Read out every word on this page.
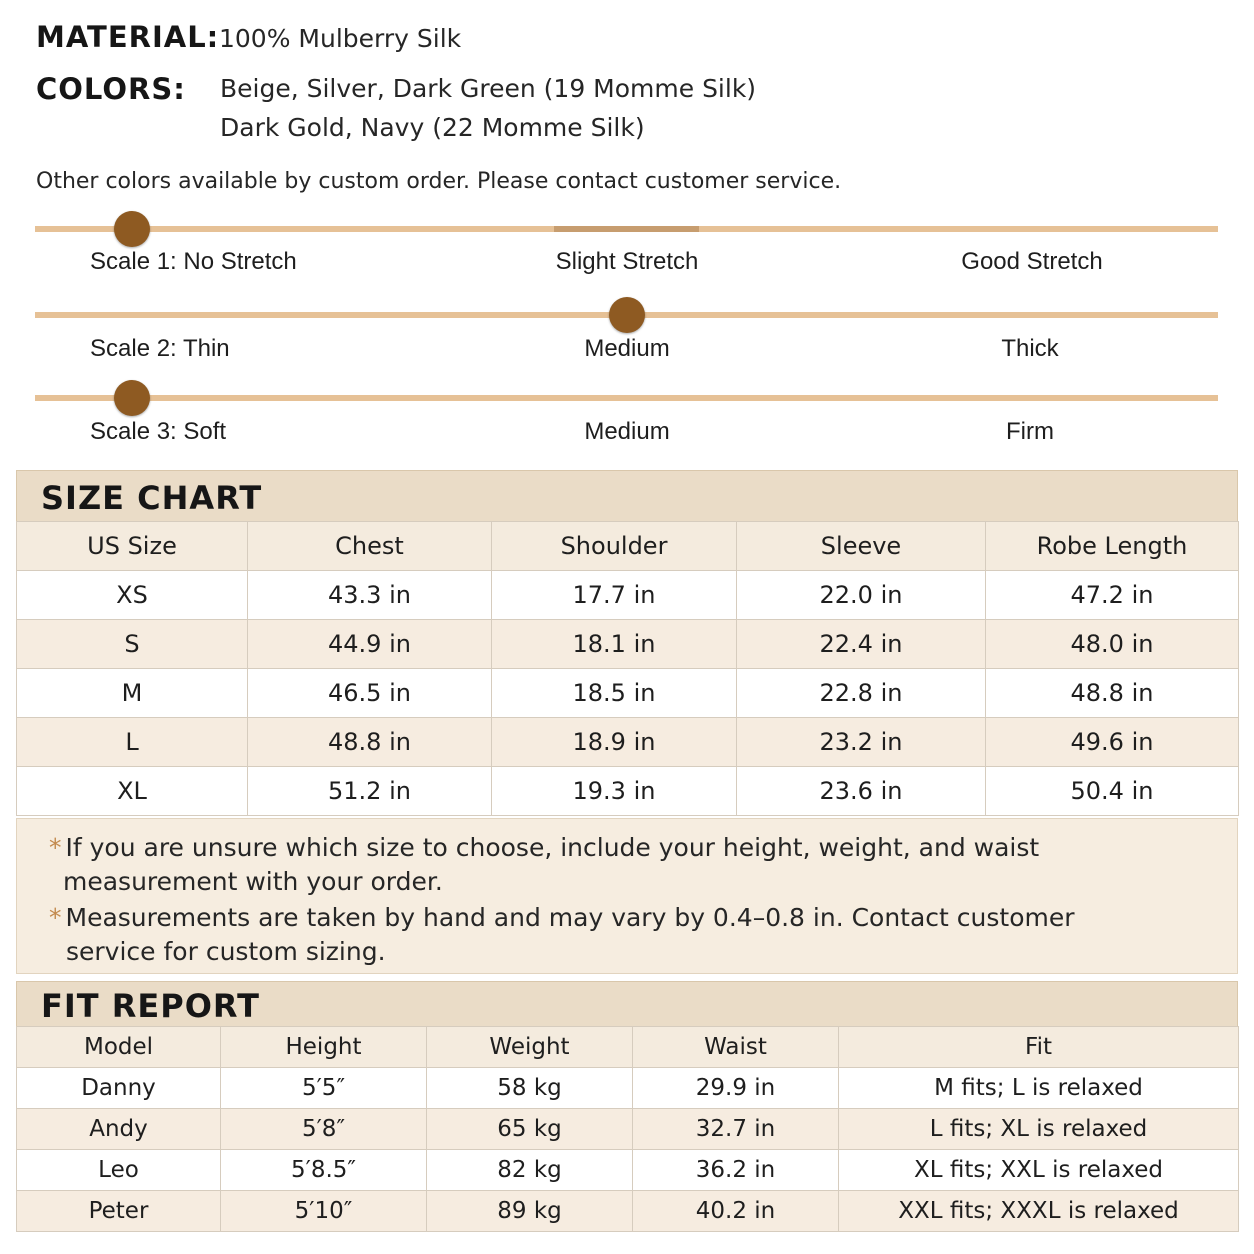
MATERIAL: 100% Mulberry Silk
COLORS: Beige, Silver, Dark Green (19 Momme Silk)
Dark Gold, Navy (22 Momme Silk)
Other colors available by custom order. Please contact customer service.
Scale 1: No Stretch	Slight Stretch	Good Stretch
Scale 2: Thin	Medium	Thick
Scale 3: Soft	Medium	Firm
SIZE CHART
US Size	Chest	Shoulder	Sleeve	Robe Length
XS	43.3 in	17.7 in	22.0 in	47.2 in
S	44.9 in	18.1 in	22.4 in	48.0 in
M	46.5 in	18.5 in	22.8 in	48.8 in
L	48.8 in	18.9 in	23.2 in	49.6 in
XL	51.2 in	19.3 in	23.6 in	50.4 in
* If you are unsure which size to choose, include your height, weight, and waist
measurement with your order.
* Measurements are taken by hand and may vary by 0.4–0.8 in. Contact customer
service for custom sizing.
FIT REPORT
Model	Height	Weight	Waist	Fit
Danny	5′5″	58 kg	29.9 in	M fits; L is relaxed
Andy	5′8″	65 kg	32.7 in	L fits; XL is relaxed
Leo	5′8.5″	82 kg	36.2 in	XL fits; XXL is relaxed
Peter	5′10″	89 kg	40.2 in	XXL fits; XXXL is relaxed
